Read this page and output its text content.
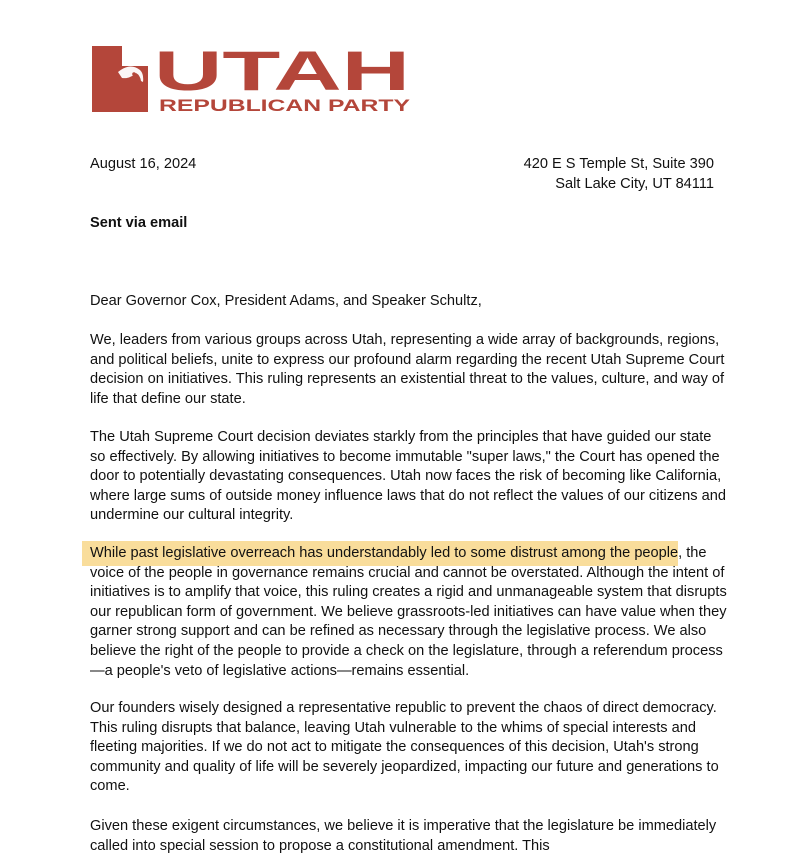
UTAH
REPUBLICAN PARTY

August 16, 2024	420 E S Temple St, Suite 390
Salt Lake City, UT 84111

Sent via email

Dear Governor Cox, President Adams, and Speaker Schultz,

We, leaders from various groups across Utah, representing a wide array of backgrounds, regions, and political beliefs, unite to express our profound alarm regarding the recent Utah Supreme Court decision on initiatives. This ruling represents an existential threat to the values, culture, and way of life that define our state.

The Utah Supreme Court decision deviates starkly from the principles that have guided our state so effectively. By allowing initiatives to become immutable "super laws," the Court has opened the door to potentially devastating consequences. Utah now faces the risk of becoming like California, where large sums of outside money influence laws that do not reflect the values of our citizens and undermine our cultural integrity.

While past legislative overreach has understandably led to some distrust among the people, the voice of the people in governance remains crucial and cannot be overstated. Although the intent of initiatives is to amplify that voice, this ruling creates a rigid and unmanageable system that disrupts our republican form of government. We believe grassroots-led initiatives can have value when they garner strong support and can be refined as necessary through the legislative process. We also believe the right of the people to provide a check on the legislature, through a referendum process—a people's veto of legislative actions—remains essential.

Our founders wisely designed a representative republic to prevent the chaos of direct democracy. This ruling disrupts that balance, leaving Utah vulnerable to the whims of special interests and fleeting majorities. If we do not act to mitigate the consequences of this decision, Utah's strong community and quality of life will be severely jeopardized, impacting our future and generations to come.

Given these exigent circumstances, we believe it is imperative that the legislature be immediately called into special session to propose a constitutional amendment. This
